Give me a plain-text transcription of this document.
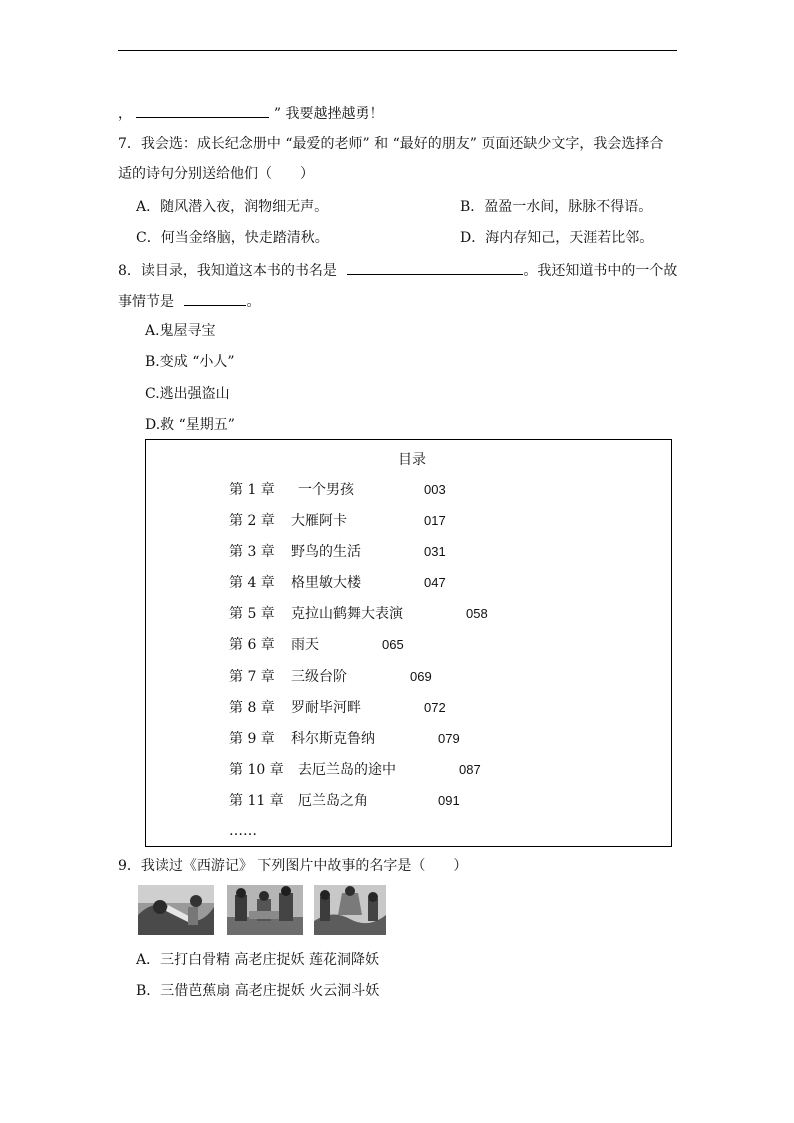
，	” 我要越挫越勇！
7．我会选：成长纪念册中 “最爱的老师” 和 “最好的朋友” 页面还缺少文字，我会选择合
适的诗句分别送给他们（　　）
A．随风潜入夜，润物细无声。	B．盈盈一水间，脉脉不得语。
C．何当金络脑，快走踏清秋。	D．海内存知己，天涯若比邻。
8．读目录，我知道这本书的书名是	。我还知道书中的一个故
事情节是	。
A.鬼屋寻宝
B.变成 “小人”
C.逃出强盗山
D.救 “星期五”
目录
第 1 章 一个男孩	003
第 2 章 大雁阿卡	017
第 3 章 野鸟的生活	031
第 4 章 格里敏大楼	047
第 5 章 克拉山鹤舞大表演	058
第 6 章 雨天	065
第 7 章 三级台阶	069
第 8 章 罗耐毕河畔	072
第 9 章 科尔斯克鲁纳	079
第 10 章 去厄兰岛的途中	087
第 11 章 厄兰岛之角	091
……
9．我读过《西游记》 下列图片中故事的名字是（　　）
A．三打白骨精 高老庄捉妖 莲花洞降妖
B．三借芭蕉扇 高老庄捉妖 火云洞斗妖
